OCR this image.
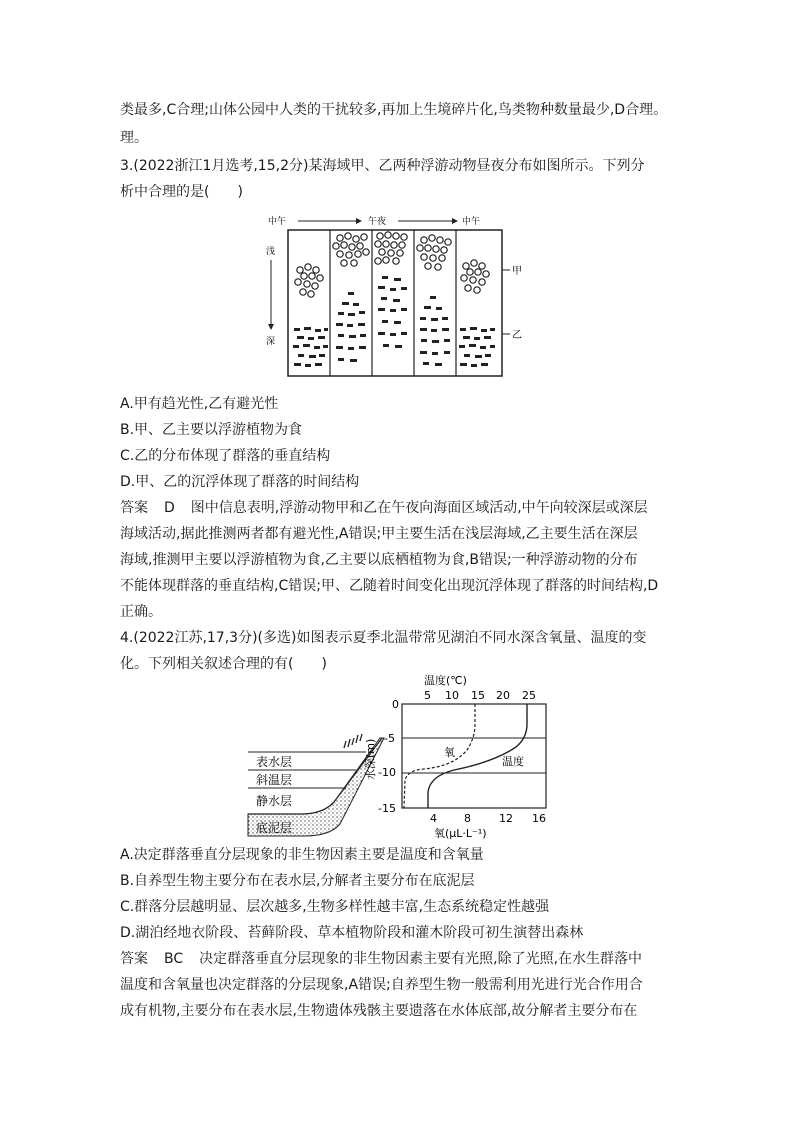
类最多,C合理;山体公园中人类的干扰较多,再加上生境碎片化,鸟类物种数量最少,D合理。
理。
3.(2022浙江1月选考,15,2分)某海域甲、乙两种浮游动物昼夜分布如图所示。下列分
析中合理的是(　　)
中午	午夜	中午
浅
深
甲
乙
A.甲有趋光性,乙有避光性
B.甲、乙主要以浮游植物为食
C.乙的分布体现了群落的垂直结构
D.甲、乙的沉浮体现了群落的时间结构
答案 D 图中信息表明,浮游动物甲和乙在午夜向海面区域活动,中午向较深层或深层
海域活动,据此推测两者都有避光性,A错误;甲主要生活在浅层海域,乙主要生活在深层
海域,推测甲主要以浮游植物为食,乙主要以底栖植物为食,B错误;一种浮游动物的分布
不能体现群落的垂直结构,C错误;甲、乙随着时间变化出现沉浮体现了群落的时间结构,D
正确。
4.(2022江苏,17,3分)(多选)如图表示夏季北温带常见湖泊不同水深含氧量、温度的变
化。下列相关叙述合理的有(　　)
表水层
斜温层
静水层
底泥层
温度(℃)
5 10 15 20 25
0
-5
-10
-15
水深(m)	氧
温度
4 8	12 16
氧(μL·L⁻¹)
A.决定群落垂直分层现象的非生物因素主要是温度和含氧量
B.自养型生物主要分布在表水层,分解者主要分布在底泥层
C.群落分层越明显、层次越多,生物多样性越丰富,生态系统稳定性越强
D.湖泊经地衣阶段、苔藓阶段、草本植物阶段和灌木阶段可初生演替出森林
答案 BC 决定群落垂直分层现象的非生物因素主要有光照,除了光照,在水生群落中
温度和含氧量也决定群落的分层现象,A错误;自养型生物一般需利用光进行光合作用合
成有机物,主要分布在表水层,生物遗体残骸主要遗落在水体底部,故分解者主要分布在
